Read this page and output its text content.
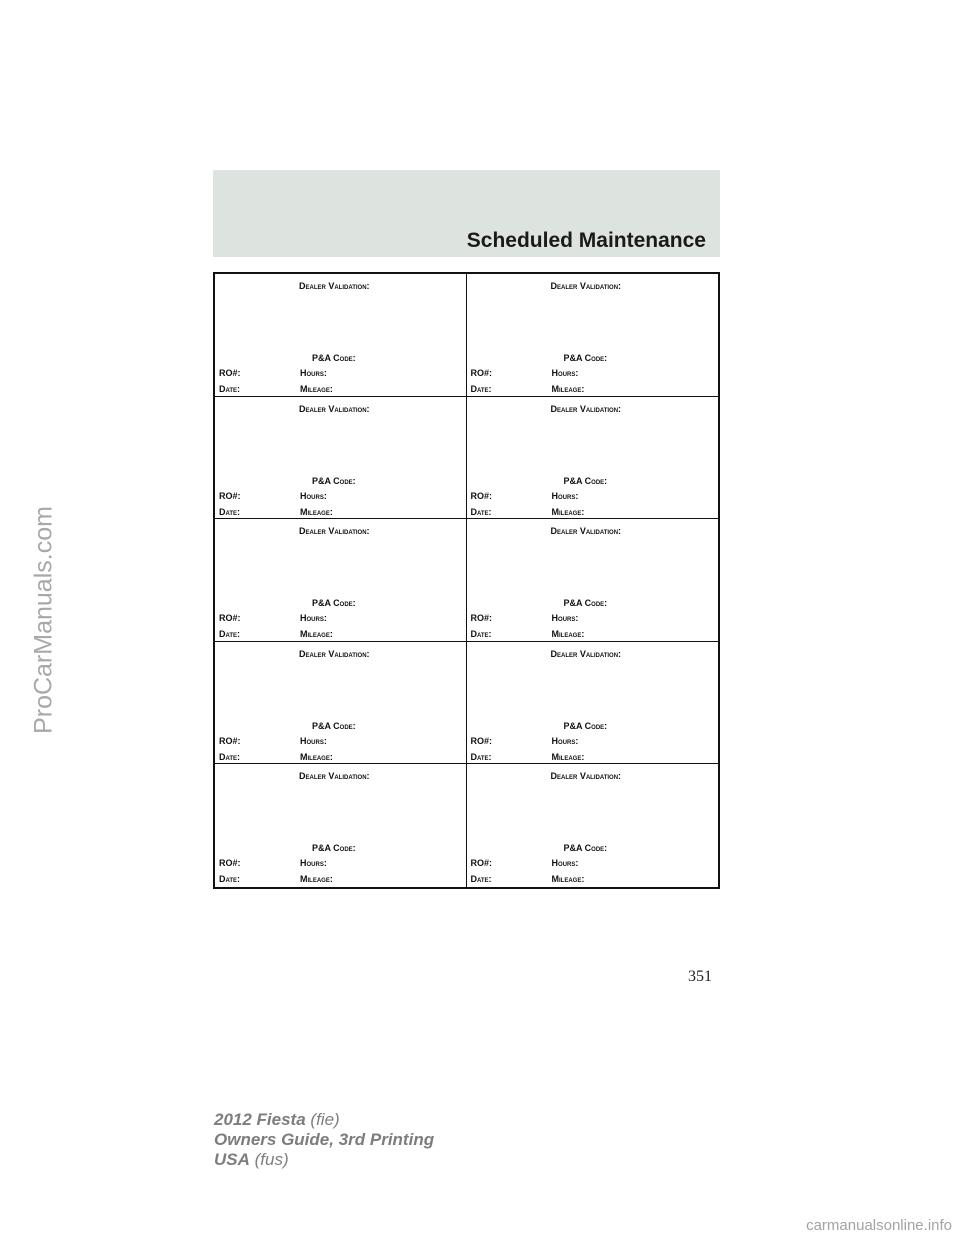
Scheduled Maintenance
Dealer Validation:
P&A Code:
RO#:	Hours:
Date:	Mileage:
Dealer Validation:
P&A Code:
RO#:	Hours:
Date:	Mileage:
Dealer Validation:
P&A Code:
RO#:	Hours:
Date:	Mileage:
Dealer Validation:
P&A Code:
RO#:	Hours:
Date:	Mileage:
Dealer Validation:
P&A Code:
RO#:	Hours:
Date:	Mileage:
Dealer Validation:
P&A Code:
RO#:	Hours:
Date:	Mileage:
Dealer Validation:
P&A Code:
RO#:	Hours:
Date:	Mileage:
Dealer Validation:
P&A Code:
RO#:	Hours:
Date:	Mileage:
Dealer Validation:
P&A Code:
RO#:	Hours:
Date:	Mileage:
Dealer Validation:
P&A Code:
RO#:	Hours:
Date:	Mileage:
351
2012 Fiesta (fie)
Owners Guide, 3rd Printing
USA (fus)
ProCarManuals.com
carmanualsonline.info
